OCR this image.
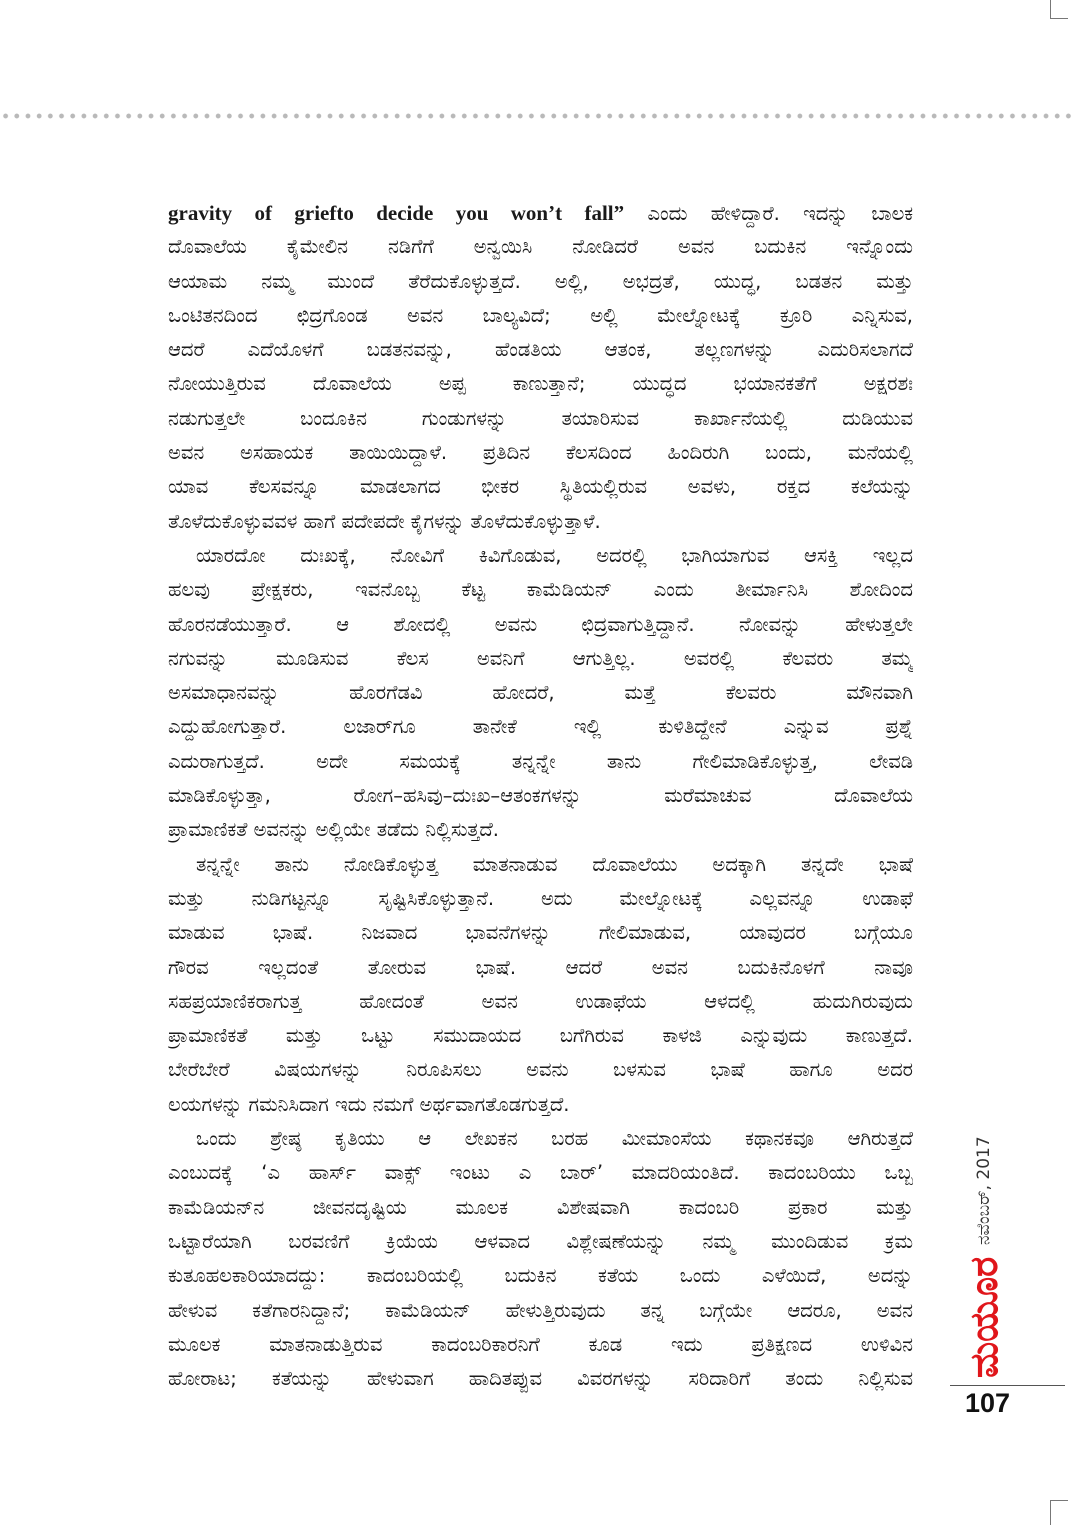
gravity of griefto decide you won’t fall” ಎಂದು ಹೇಳಿದ್ದಾರೆ. ಇದನ್ನು ಬಾಲಕ
ದೊವಾಲೆಯ ಕೈಮೇಲಿನ ನಡಿಗೆಗೆ ಅನ್ವಯಿಸಿ ನೋಡಿದರೆ ಅವನ ಬದುಕಿನ ಇನ್ನೊಂದು
ಆಯಾಮ ನಮ್ಮ ಮುಂದೆ ತೆರೆದುಕೊಳ್ಳುತ್ತದೆ. ಅಲ್ಲಿ, ಅಭದ್ರತೆ, ಯುದ್ಧ, ಬಡತನ ಮತ್ತು
ಒಂಟಿತನದಿಂದ ಛಿದ್ರಗೊಂಡ ಅವನ ಬಾಲ್ಯವಿದೆ; ಅಲ್ಲಿ ಮೇಲ್ನೋಟಕ್ಕೆ ಕ್ರೂರಿ ಎನ್ನಿಸುವ,
ಆದರೆ ಎದೆಯೊಳಗೆ ಬಡತನವನ್ನು, ಹೆಂಡತಿಯ ಆತಂಕ, ತಲ್ಲಣಗಳನ್ನು ಎದುರಿಸಲಾಗದೆ
ನೋಯುತ್ತಿರುವ ದೊವಾಲೆಯ ಅಪ್ಪ ಕಾಣುತ್ತಾನೆ; ಯುದ್ಧದ ಭಯಾನಕತೆಗೆ ಅಕ್ಷರಶಃ
ನಡುಗುತ್ತಲೇ ಬಂದೂಕಿನ ಗುಂಡುಗಳನ್ನು ತಯಾರಿಸುವ ಕಾರ್ಖಾನೆಯಲ್ಲಿ ದುಡಿಯುವ
ಅವನ ಅಸಹಾಯಕ ತಾಯಿಯಿದ್ದಾಳೆ. ಪ್ರತಿದಿನ ಕೆಲಸದಿಂದ ಹಿಂದಿರುಗಿ ಬಂದು, ಮನೆಯಲ್ಲಿ
ಯಾವ ಕೆಲಸವನ್ನೂ ಮಾಡಲಾಗದ ಭೀಕರ ಸ್ಥಿತಿಯಲ್ಲಿರುವ ಅವಳು, ರಕ್ತದ ಕಲೆಯನ್ನು
ತೊಳೆದುಕೊಳ್ಳುವವಳ ಹಾಗೆ ಪದೇಪದೇ ಕೈಗಳನ್ನು ತೊಳೆದುಕೊಳ್ಳುತ್ತಾಳೆ.
ಯಾರದೋ ದುಃಖಕ್ಕೆ, ನೋವಿಗೆ ಕಿವಿಗೊಡುವ, ಅದರಲ್ಲಿ ಭಾಗಿಯಾಗುವ ಆಸಕ್ತಿ ಇಲ್ಲದ
ಹಲವು ಪ್ರೇಕ್ಷಕರು, ಇವನೊಬ್ಬ ಕೆಟ್ಟ ಕಾಮೆಡಿಯನ್ ಎಂದು ತೀರ್ಮಾನಿಸಿ ಶೋದಿಂದ
ಹೊರನಡೆಯುತ್ತಾರೆ. ಆ ಶೋದಲ್ಲಿ ಅವನು ಛಿದ್ರವಾಗುತ್ತಿದ್ದಾನೆ. ನೋವನ್ನು ಹೇಳುತ್ತಲೇ
ನಗುವನ್ನು ಮೂಡಿಸುವ ಕೆಲಸ ಅವನಿಗೆ ಆಗುತ್ತಿಲ್ಲ. ಅವರಲ್ಲಿ ಕೆಲವರು ತಮ್ಮ
ಅಸಮಾಧಾನವನ್ನು ಹೊರಗೆಡವಿ ಹೋದರೆ, ಮತ್ತೆ ಕೆಲವರು ಮೌನವಾಗಿ
ಎದ್ದುಹೋಗುತ್ತಾರೆ. ಲಜಾರ್‌ಗೂ ತಾನೇಕೆ ಇಲ್ಲಿ ಕುಳಿತಿದ್ದೇನೆ ಎನ್ನುವ ಪ್ರಶ್ನೆ
ಎದುರಾಗುತ್ತದೆ. ಅದೇ ಸಮಯಕ್ಕೆ ತನ್ನನ್ನೇ ತಾನು ಗೇಲಿಮಾಡಿಕೊಳ್ಳುತ್ತ, ಲೇವಡಿ
ಮಾಡಿಕೊಳ್ಳುತ್ತಾ, ರೋಗ–ಹಸಿವು–ದುಃಖ–ಆತಂಕಗಳನ್ನು ಮರೆಮಾಚುವ ದೊವಾಲೆಯ
ಪ್ರಾಮಾಣಿಕತೆ ಅವನನ್ನು ಅಲ್ಲಿಯೇ ತಡೆದು ನಿಲ್ಲಿಸುತ್ತದೆ.
ತನ್ನನ್ನೇ ತಾನು ನೋಡಿಕೊಳ್ಳುತ್ತ ಮಾತನಾಡುವ ದೊವಾಲೆಯು ಅದಕ್ಕಾಗಿ ತನ್ನದೇ ಭಾಷೆ
ಮತ್ತು ನುಡಿಗಟ್ಟನ್ನೂ ಸೃಷ್ಟಿಸಿಕೊಳ್ಳುತ್ತಾನೆ. ಅದು ಮೇಲ್ನೋಟಕ್ಕೆ ಎಲ್ಲವನ್ನೂ ಉಡಾಫೆ
ಮಾಡುವ ಭಾಷೆ. ನಿಜವಾದ ಭಾವನೆಗಳನ್ನು ಗೇಲಿಮಾಡುವ, ಯಾವುದರ ಬಗ್ಗೆಯೂ
ಗೌರವ ಇಲ್ಲದಂತೆ ತೋರುವ ಭಾಷೆ. ಆದರೆ ಅವನ ಬದುಕಿನೊಳಗೆ ನಾವೂ
ಸಹಪ್ರಯಾಣಿಕರಾಗುತ್ತ ಹೋದಂತೆ ಅವನ ಉಡಾಫೆಯ ಆಳದಲ್ಲಿ ಹುದುಗಿರುವುದು
ಪ್ರಾಮಾಣಿಕತೆ ಮತ್ತು ಒಟ್ಟು ಸಮುದಾಯದ ಬಗೆಗಿರುವ ಕಾಳಜಿ ಎನ್ನುವುದು ಕಾಣುತ್ತದೆ.
ಬೇರೆಬೇರೆ ವಿಷಯಗಳನ್ನು ನಿರೂಪಿಸಲು ಅವನು ಬಳಸುವ ಭಾಷೆ ಹಾಗೂ ಅದರ
ಲಯಗಳನ್ನು ಗಮನಿಸಿದಾಗ ಇದು ನಮಗೆ ಅರ್ಥವಾಗತೊಡಗುತ್ತದೆ.
ಒಂದು ಶ್ರೇಷ್ಠ ಕೃತಿಯು ಆ ಲೇಖಕನ ಬರಹ ಮೀಮಾಂಸೆಯ ಕಥಾನಕವೂ ಆಗಿರುತ್ತದೆ
ಎಂಬುದಕ್ಕೆ ‘ಎ ಹಾರ್ಸ್ ವಾಕ್ಸ್ ಇಂಟು ಎ ಬಾರ್’ ಮಾದರಿಯಂತಿದೆ. ಕಾದಂಬರಿಯು ಒಬ್ಬ
ಕಾಮೆಡಿಯನ್‌ನ ಜೀವನದೃಷ್ಟಿಯ ಮೂಲಕ ವಿಶೇಷವಾಗಿ ಕಾದಂಬರಿ ಪ್ರಕಾರ ಮತ್ತು
ಒಟ್ಟಾರೆಯಾಗಿ ಬರವಣಿಗೆ ಕ್ರಿಯೆಯ ಆಳವಾದ ವಿಶ್ಲೇಷಣೆಯನ್ನು ನಮ್ಮ ಮುಂದಿಡುವ ಕ್ರಮ
ಕುತೂಹಲಕಾರಿಯಾದದ್ದು: ಕಾದಂಬರಿಯಲ್ಲಿ ಬದುಕಿನ ಕತೆಯ ಒಂದು ಎಳೆಯಿದೆ, ಅದನ್ನು
ಹೇಳುವ ಕತೆಗಾರನಿದ್ದಾನೆ; ಕಾಮೆಡಿಯನ್ ಹೇಳುತ್ತಿರುವುದು ತನ್ನ ಬಗ್ಗೆಯೇ ಆದರೂ, ಅವನ
ಮೂಲಕ ಮಾತನಾಡುತ್ತಿರುವ ಕಾದಂಬರಿಕಾರನಿಗೆ ಕೂಡ ಇದು ಪ್ರತಿಕ್ಷಣದ ಉಳಿವಿನ
ಹೋರಾಟ; ಕತೆಯನ್ನು ಹೇಳುವಾಗ ಹಾದಿತಪ್ಪುವ ವಿವರಗಳನ್ನು ಸರಿದಾರಿಗೆ ತಂದು ನಿಲ್ಲಿಸುವ
ನವೆಂಬರ್, 2017
ಮಯೂರ
107
